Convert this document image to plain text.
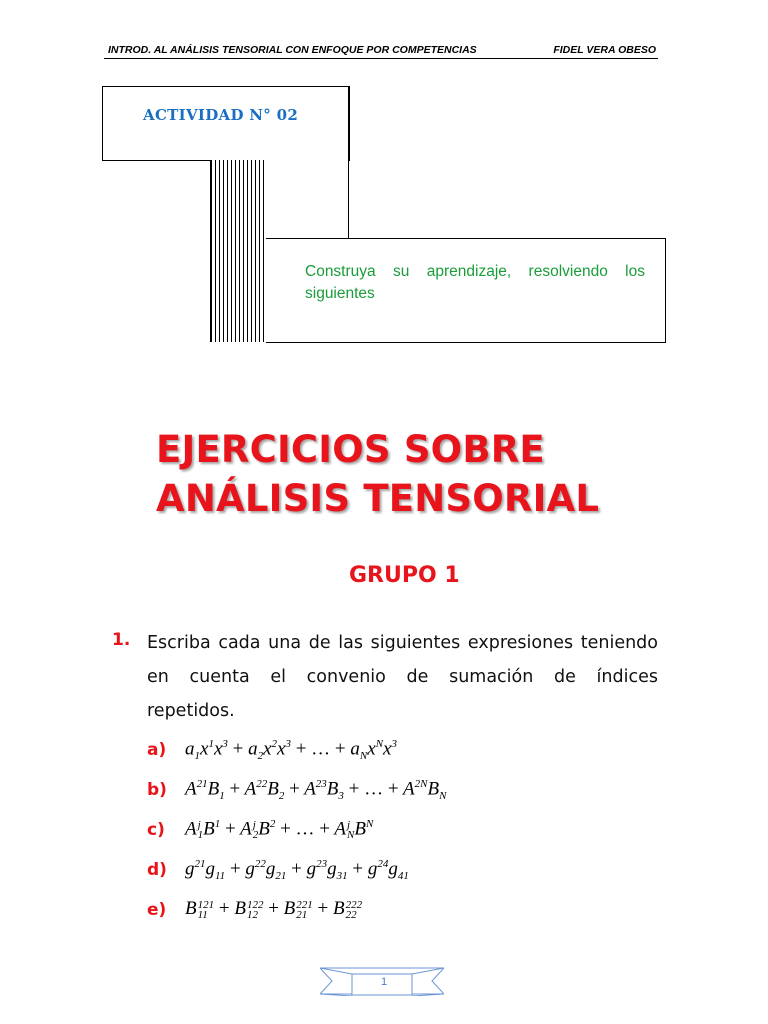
INTROD. AL ANÁLISIS TENSORIAL CON ENFOQUE POR COMPETENCIAS	FIDEL VERA OBESO
ACTIVIDAD N° 02
Construya su aprendizaje, resolviendo los
siguientes
EJERCICIOS SOBRE
ANÁLISIS TENSORIAL
GRUPO 1
1. Escriba cada una de las siguientes expresiones teniendo
en cuenta el convenio de sumación de índices
repetidos.
a) $a_1x^1x^3 + a_2x^2x^3$ + … + $a_Nx^Nx^3$
b) $A^{21}B_1 + A^{22}B_2 + A^{23}B_3$ + … + $A^{2N}B_N$
c) A j
1 $B^1 + A$ j
2 $B^2$ + … + A j
N $B^N$
d) $g^{21}g_{11} + g^{22}g_{21} + g^{23}g_{31} + g^{24}g_{41}$
e) B 121
11 + B 122
12 + B 221
21 + B 222
22
1
